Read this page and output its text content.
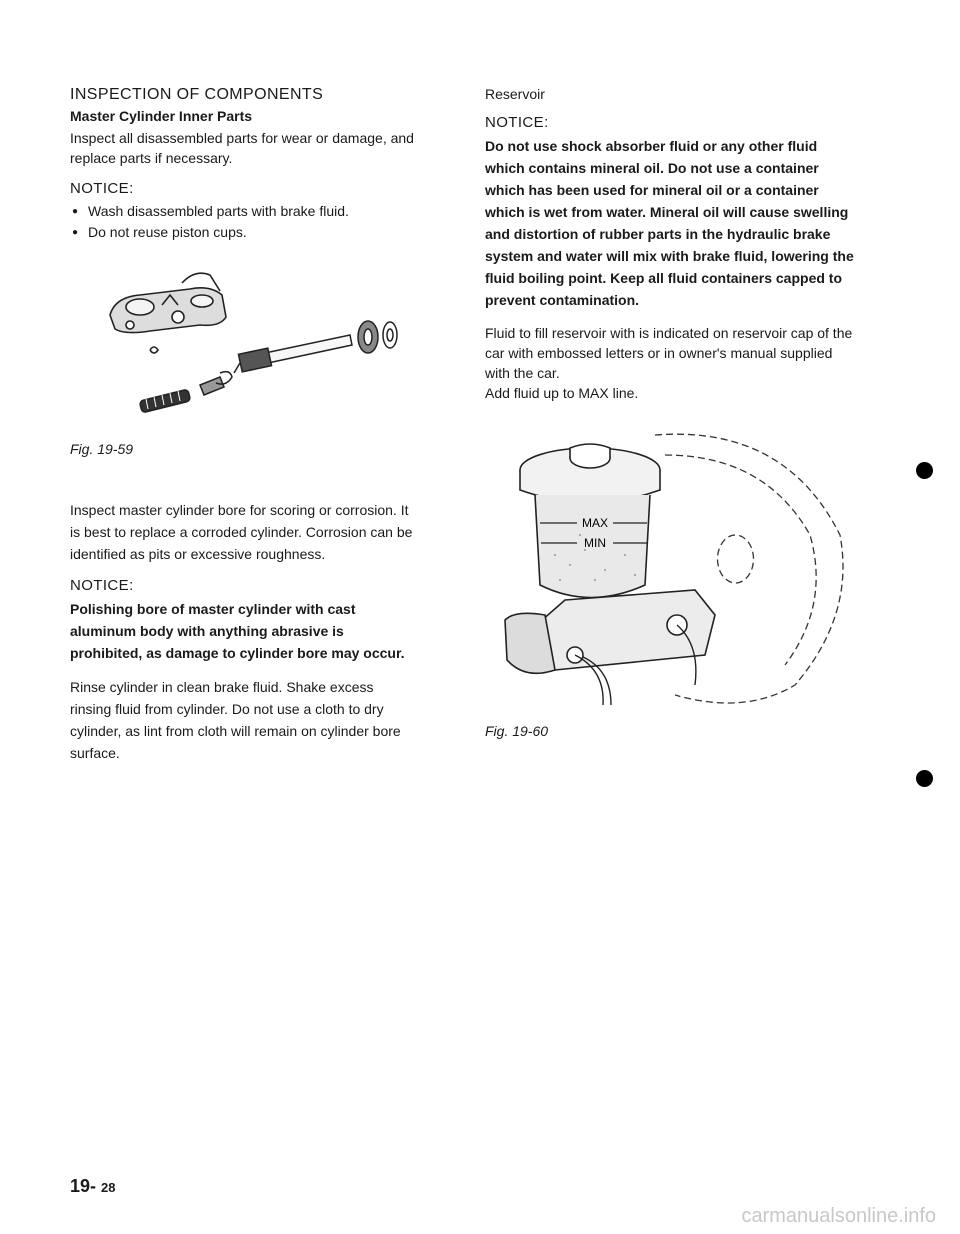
INSPECTION OF COMPONENTS
Master Cylinder Inner Parts

Inspect all disassembled parts for wear or damage, and replace parts if necessary.

NOTICE:
● Wash disassembled parts with brake fluid.
● Do not reuse piston cups.

Fig. 19-59

Inspect master cylinder bore for scoring or corrosion. It is best to replace a corroded cylinder. Corrosion can be identified as pits or excessive roughness.

NOTICE:

Polishing bore of master cylinder with cast aluminum body with anything abrasive is prohibited, as damage to cylinder bore may occur.

Rinse cylinder in clean brake fluid. Shake excess rinsing fluid from cylinder. Do not use a cloth to dry cylinder, as lint from cloth will remain on cylinder bore surface.

Reservoir
NOTICE:

Do not use shock absorber fluid or any other fluid which contains mineral oil. Do not use a container which has been used for mineral oil or a container which is wet from water. Mineral oil will cause swelling and distortion of rubber parts in the hydraulic brake system and water will mix with brake fluid, lowering the fluid boiling point. Keep all fluid containers capped to prevent contamination.

Fluid to fill reservoir with is indicated on reservoir cap of the car with embossed letters or in owner's manual supplied with the car.

Add fluid up to MAX line.

MAX
MIN

Fig. 19-60

19- 28
carmanualsonline.info
